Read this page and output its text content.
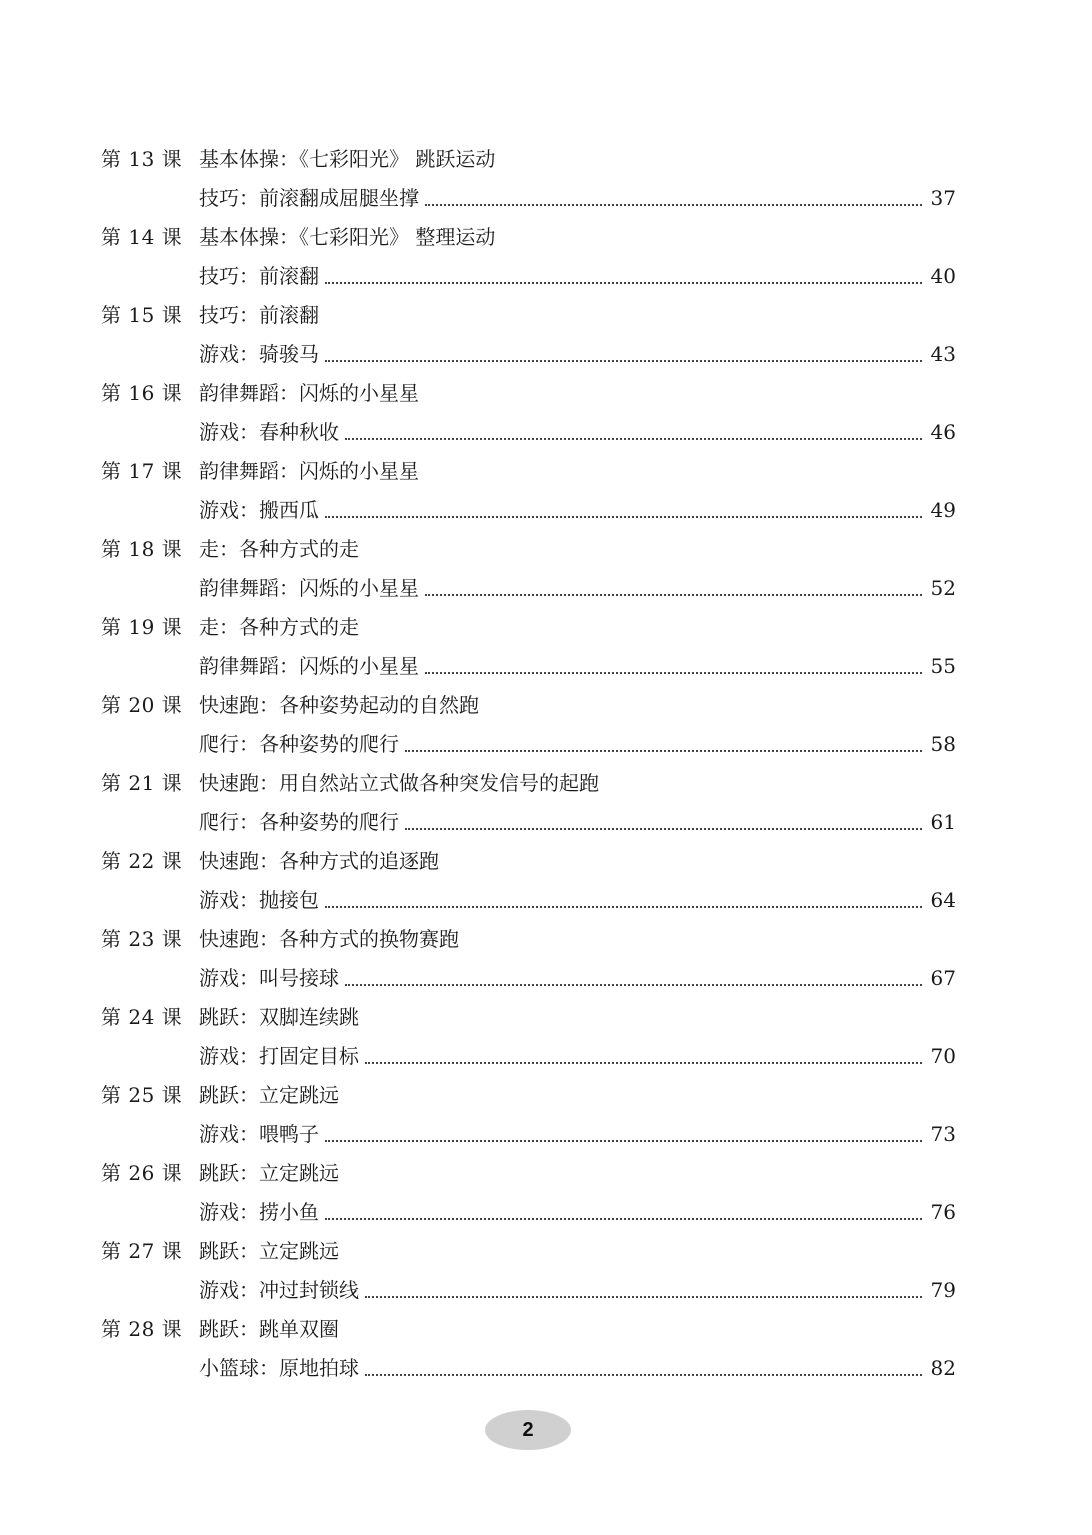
第 13 课 基本体操：《七彩阳光》 跳跃运动
技巧：前滚翻成屈腿坐撑	37
第 14 课 基本体操：《七彩阳光》 整理运动
技巧：前滚翻	40
第 15 课 技巧：前滚翻
游戏：骑骏马	43
第 16 课 韵律舞蹈：闪烁的小星星
游戏：春种秋收	46
第 17 课 韵律舞蹈：闪烁的小星星
游戏：搬西瓜	49
第 18 课 走：各种方式的走
韵律舞蹈：闪烁的小星星	52
第 19 课 走：各种方式的走
韵律舞蹈：闪烁的小星星	55
第 20 课 快速跑：各种姿势起动的自然跑
爬行：各种姿势的爬行	58
第 21 课 快速跑：用自然站立式做各种突发信号的起跑
爬行：各种姿势的爬行	61
第 22 课 快速跑：各种方式的追逐跑
游戏：抛接包	64
第 23 课 快速跑：各种方式的换物赛跑
游戏：叫号接球	67
第 24 课 跳跃：双脚连续跳
游戏：打固定目标	70
第 25 课 跳跃：立定跳远
游戏：喂鸭子	73
第 26 课 跳跃：立定跳远
游戏：捞小鱼	76
第 27 课 跳跃：立定跳远
游戏：冲过封锁线	79
第 28 课 跳跃：跳单双圈
小篮球：原地拍球	82
2
